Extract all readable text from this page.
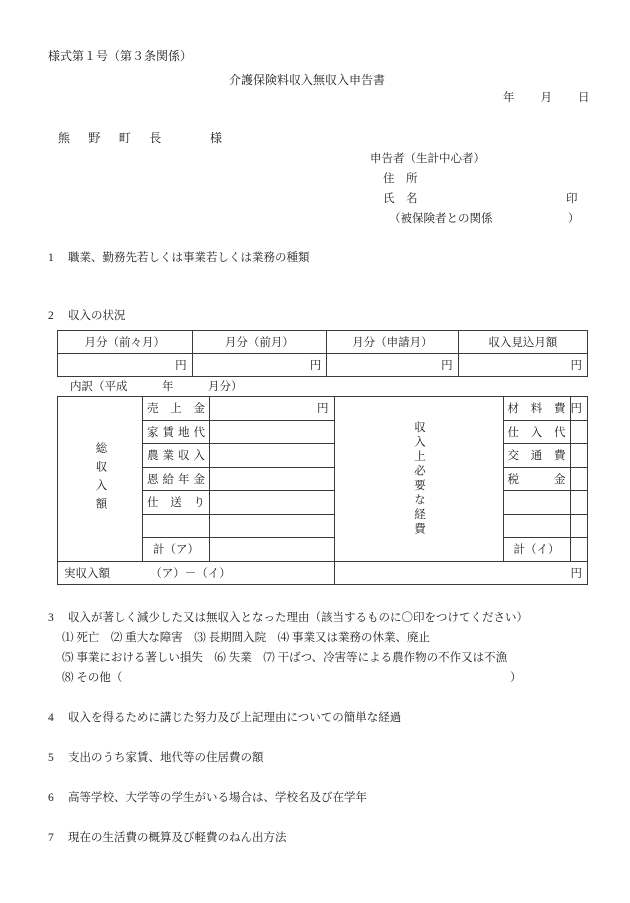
様式第１号（第３条関係）
介護保険料収入無収入申告書
年　　月　　日
熊　野　町　長　　　様
申告者（生計中心者）
住　所
氏　名	印
（被保険者との関係	）
1 職業、勤務先若しくは事業若しくは業務の種類
2 収入の状況
月分（前々月）	月分（前月）	月分（申請月）	収入見込月額
円	円	円	円
内訳（平成　　　年　　　月分）
総収入額	売上金	円	収入上必要な経費	材料費	円
	家賃地代			仕入代	
	農業収入			交通費	
	恩給年金			税金	
	仕送り				

	計（ア）			計（イ）	
実収入額　　　　（ア）－（イ）			円		
3 収入が著しく減少した又は無収入となった理由（該当するものに〇印をつけてください）
⑴ 死亡　⑵ 重大な障害　⑶ 長期間入院　⑷ 事業又は業務の休業、廃止
⑸ 事業における著しい損失　⑹ 失業　⑺ 干ばつ、冷害等による農作物の不作又は不漁
⑻ その他（	）
4 収入を得るために講じた努力及び上記理由についての簡単な経過
5 支出のうち家賃、地代等の住居費の額
6 高等学校、大学等の学生がいる場合は、学校名及び在学年
7 現在の生活費の概算及び軽費のねん出方法
